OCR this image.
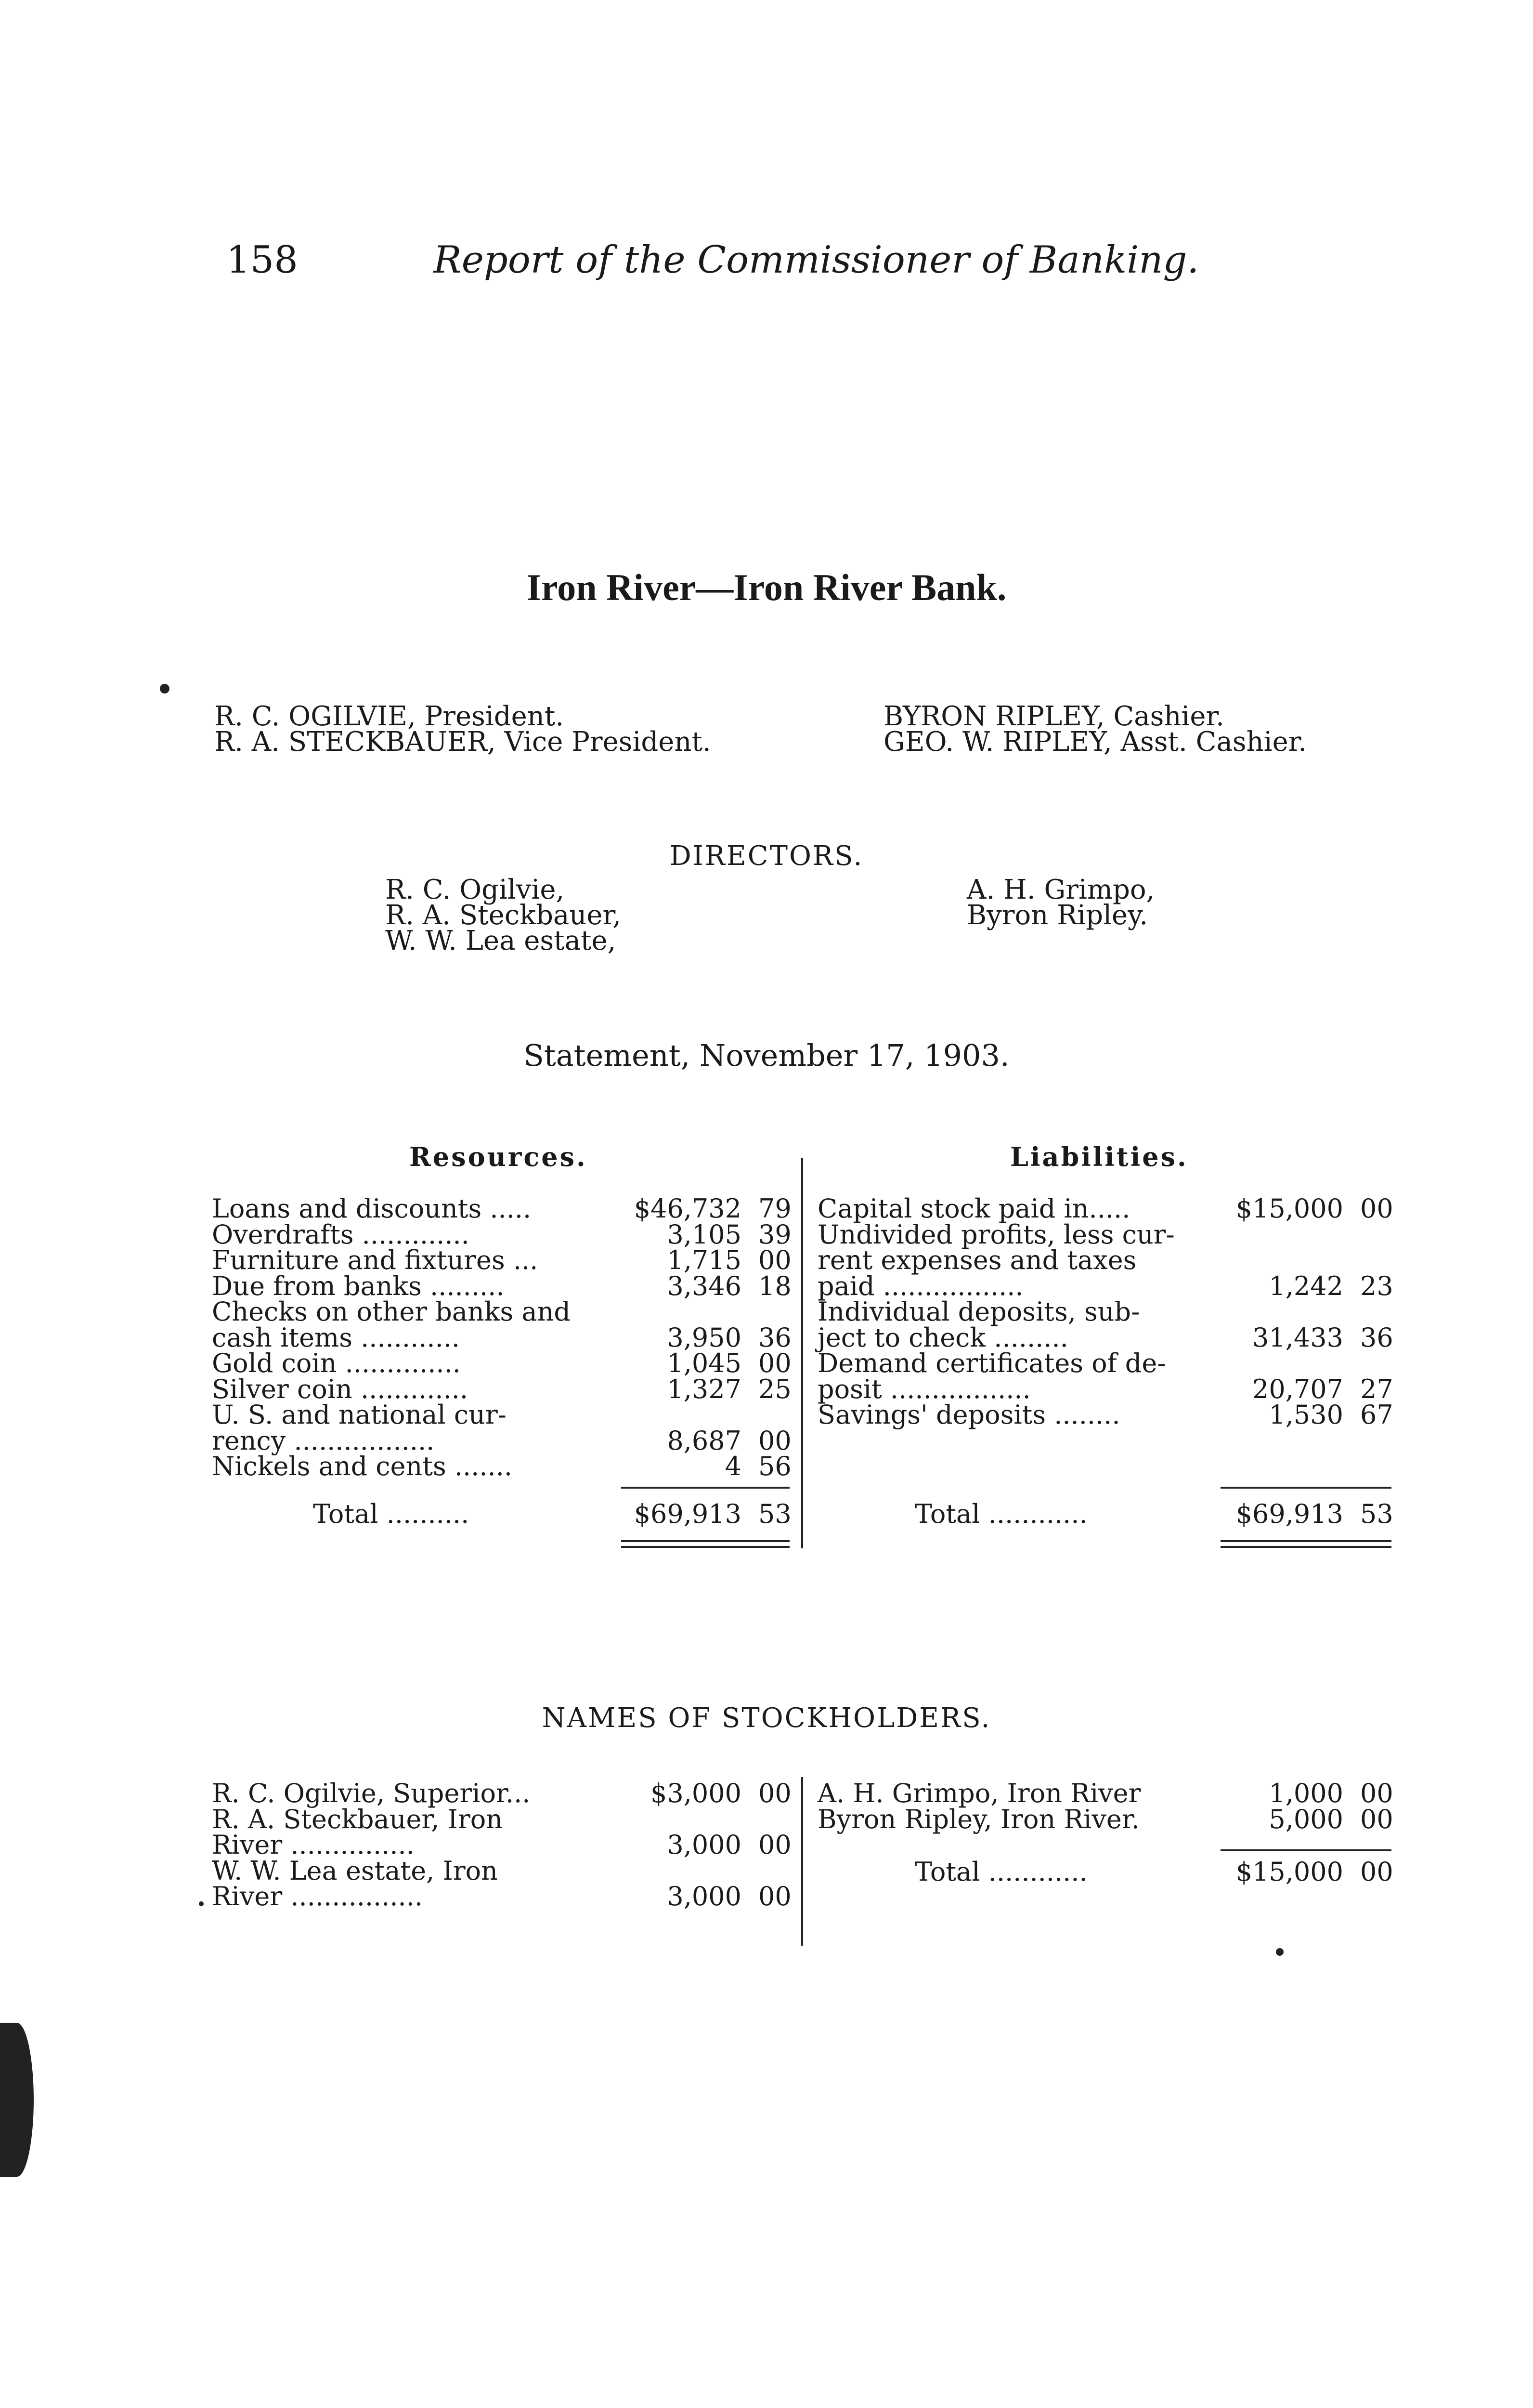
158	Report of the Commissioner of Banking.
Iron River—Iron River Bank.
R. C. OGILVIE, President.
R. A. STECKBAUER, Vice President.
BYRON RIPLEY, Cashier.
GEO. W. RIPLEY, Asst. Cashier.
DIRECTORS.
R. C. Ogilvie,
R. A. Steckbauer,
W. W. Lea estate,
A. H. Grimpo,
Byron Ripley.
Statement, November 17, 1903.
Resources.	Liabilities.
Loans and discounts .....	$46,732 79
Overdrafts .............	3,105 39
Furniture and fixtures ...	1,715 00
Due from banks .........	3,346 18
Checks on other banks and
cash items ............	3,950 36
Gold coin ..............	1,045 00
Silver coin .............	1,327 25
U. S. and national cur-
rency .................	8,687 00
Nickels and cents .......	4 56
Capital stock paid in.....	$15,000 00
Undivided profits, less cur-
rent expenses and taxes
paid .................	1,242 23
Individual deposits, sub-
ject to check .........	31,433 36
Demand certificates of de-
posit .................	20,707 27
Savings' deposits ........	1,530 67
Total ..........	$69,913 53	Total ............	$69,913 53
NAMES OF STOCKHOLDERS.
R. C. Ogilvie, Superior...	$3,000 00
R. A. Steckbauer, Iron
River ...............	3,000 00
W. W. Lea estate, Iron
River ................	3,000 00
A. H. Grimpo, Iron River	1,000 00
Byron Ripley, Iron River.	5,000 00
Total ............	$15,000 00
